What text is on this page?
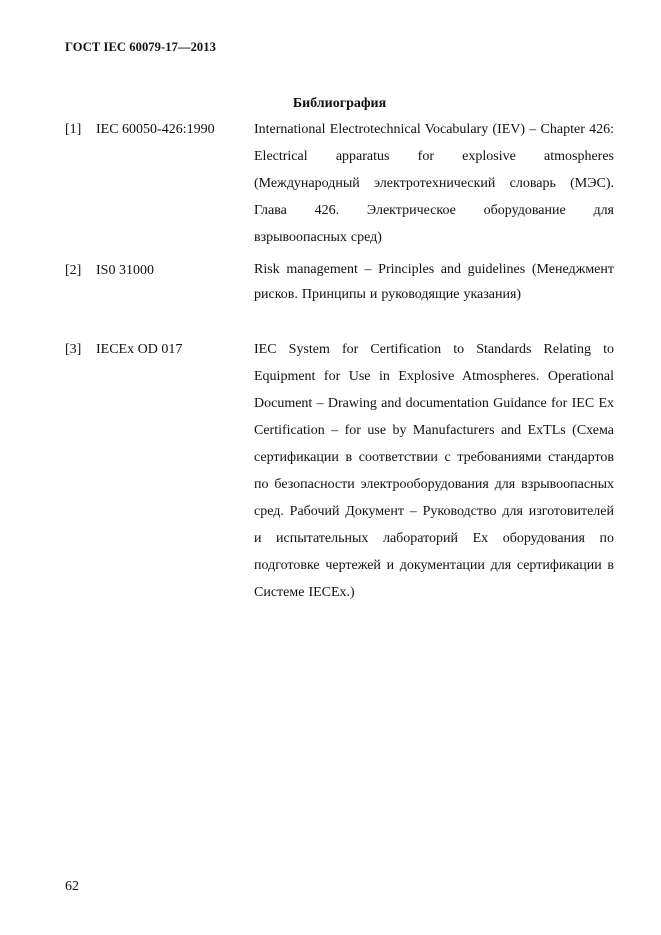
ГОСТ IEC 60079-17—2013
Библиография
[1] IEC 60050-426:1990	International Electrotechnical Vocabulary (IEV) – Chapter 426: Electrical apparatus for explosive atmospheres (Международный электротехнический словарь (МЭС). Глава 426. Электрическое оборудование для взрывоопасных сред)
[2] IS0 31000	Risk management – Principles and guidelines (Менеджмент рисков. Принципы и руководящие указания)
[3] IECEx OD 017	IEC System for Certification to Standards Relating to Equipment for Use in Explosive Atmospheres. Operational Document – Drawing and documentation Guidance for IEC Ex Certification – for use by Manufacturers and ExTLs (Схема сертификации в соответствии с требованиями стандартов по безопасности электрооборудования для взрывоопасных сред. Рабочий Документ – Руководство для изготовителей и испытательных лабораторий Ex оборудования по подготовке чертежей и документации для сертификации в Системе IECEx.)
62
